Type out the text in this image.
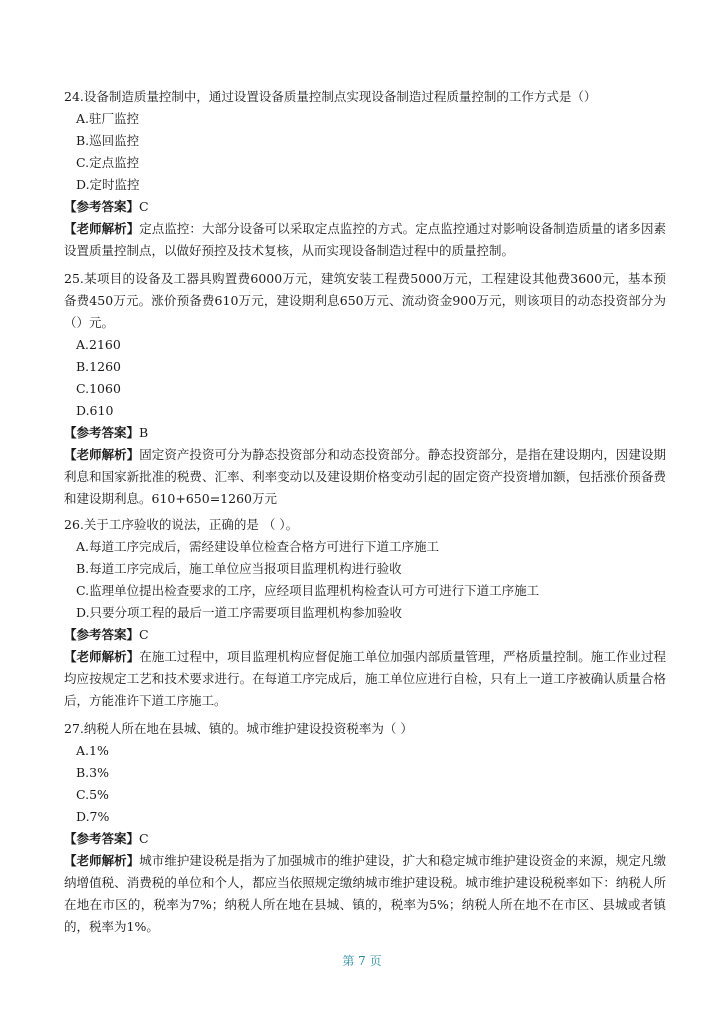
24.设备制造质量控制中，通过设置设备质量控制点实现设备制造过程质量控制的工作方式是（）
A.驻厂监控
B.巡回监控
C.定点监控
D.定时监控
【参考答案】C
【老师解析】定点监控：大部分设备可以采取定点监控的方式。定点监控通过对影响设备制造质量的诸多因素设置质量控制点，以做好预控及技术复核，从而实现设备制造过程中的质量控制。
25.某项目的设备及工器具购置费6000万元，建筑安装工程费5000万元，工程建设其他费3600元，基本预备费450万元。涨价预备费610万元，建设期利息650万元、流动资金900万元，则该项目的动态投资部分为（）元。
A.2160
B.1260
C.1060
D.610
【参考答案】B
【老师解析】固定资产投资可分为静态投资部分和动态投资部分。静态投资部分，是指在建设期内，因建设期利息和国家新批准的税费、汇率、利率变动以及建设期价格变动引起的固定资产投资增加额，包括涨价预备费和建设期利息。610+650=1260万元
26.关于工序验收的说法，正确的是 （ ）。
A.每道工序完成后，需经建设单位检查合格方可进行下道工序施工
B.每道工序完成后，施工单位应当报项目监理机构进行验收
C.监理单位提出检查要求的工序，应经项目监理机构检查认可方可进行下道工序施工
D.只要分项工程的最后一道工序需要项目监理机构参加验收
【参考答案】C
【老师解析】在施工过程中，项目监理机构应督促施工单位加强内部质量管理，严格质量控制。施工作业过程均应按规定工艺和技术要求进行。在每道工序完成后，施工单位应进行自检，只有上一道工序被确认质量合格后，方能准许下道工序施工。
27.纳税人所在地在县城、镇的。城市维护建设投资税率为（ ）
A.1%
B.3%
C.5%
D.7%
【参考答案】C
【老师解析】城市维护建设税是指为了加强城市的维护建设，扩大和稳定城市维护建设资金的来源，规定凡缴纳增值税、消费税的单位和个人，都应当依照规定缴纳城市维护建设税。城市维护建设税税率如下：纳税人所在地在市区的，税率为7%；纳税人所在地在县城、镇的，税率为5%；纳税人所在地不在市区、县城或者镇的，税率为1%。
第 7 页
